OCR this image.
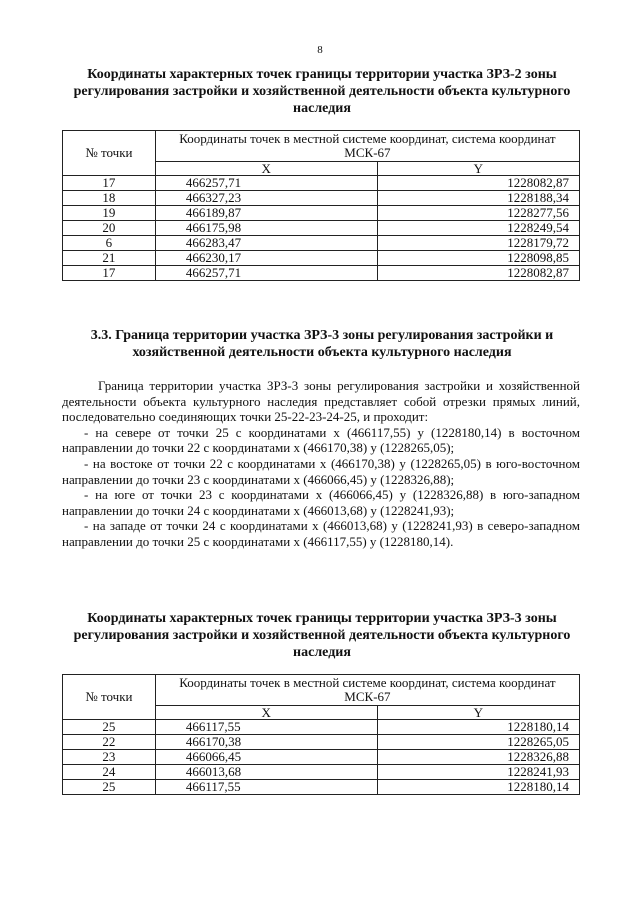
8
Координаты характерных точек границы территории участка ЗРЗ-2 зоны регулирования застройки и хозяйственной деятельности объекта культурного наследия
№ точки	Координаты точек в местной системе координат, система координат МСК-67	
	X	Y
17	466257,71	1228082,87
18	466327,23	1228188,34
19	466189,87	1228277,56
20	466175,98	1228249,54
6	466283,47	1228179,72
21	466230,17	1228098,85
17	466257,71	1228082,87
3.3. Граница территории участка ЗРЗ-3 зоны регулирования застройки и хозяйственной деятельности объекта культурного наследия

Граница территории участка ЗРЗ-3 зоны регулирования застройки и хозяйственной деятельности объекта культурного наследия представляет собой отрезки прямых линий, последовательно соединяющих точки 25-22-23-24-25, и проходит:

- на севере от точки 25 с координатами х (466117,55) у (1228180,14) в восточном направлении до точки 22 с координатами х (466170,38) у (1228265,05);

- на востоке от точки 22 с координатами х (466170,38) у (1228265,05) в юго-восточном направлении до точки 23 с координатами х (466066,45) у (1228326,88);

- на юге от точки 23 с координатами х (466066,45) у (1228326,88) в юго-западном направлении до точки 24 с координатами х (466013,68) у (1228241,93);

- на западе от точки 24 с координатами х (466013,68) у (1228241,93) в северо-западном направлении до точки 25 с координатами х (466117,55) у (1228180,14).

Координаты характерных точек границы территории участка ЗРЗ-3 зоны регулирования застройки и хозяйственной деятельности объекта культурного наследия
№ точки	Координаты точек в местной системе координат, система координат МСК-67	
	X	Y
25	466117,55	1228180,14
22	466170,38	1228265,05
23	466066,45	1228326,88
24	466013,68	1228241,93
25	466117,55	1228180,14
